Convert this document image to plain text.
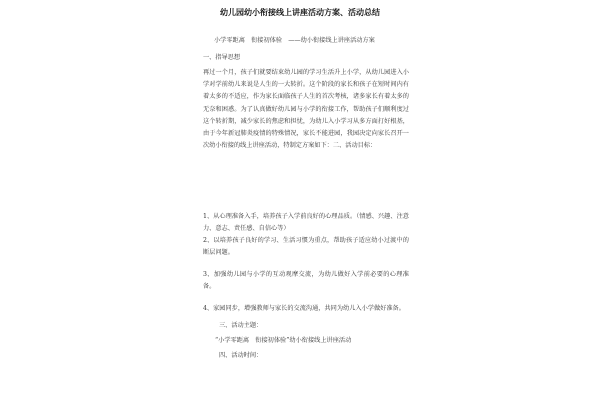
幼儿园幼小衔接线上讲座活动方案、活动总结
小学零距离　衔接初体验　——幼小衔接线上讲座活动方案
一、指导思想
再过一个月，孩子们就要结束幼儿园的学习生活升上小学，从幼儿园进入小学对学前幼儿来说是人生的一大转折。这个阶段的家长和孩子在短时间内有着太多的不适应，作为家长面临孩子人生的首次考核，诸多家长有着太多的无奈和困惑。为了认真做好幼儿园与小学的衔接工作，帮助孩子们顺利度过这个转折期，减少家长的焦虑和担忧，为幼儿入小学习从多方面打好根基，由于今年新冠肺炎疫情的特殊情况，家长不能进园，我园决定向家长召开一次幼小衔接的线上讲座活动，特制定方案如下：二、活动目标：
1、从心理准备入手，培养孩子入学前良好的心理品质。（情感、兴趣、注意力、意志、责任感、自信心等）
2、以培养孩子良好的学习、生活习惯为重点，帮助孩子适应幼小过渡中的断层问题。
3、加强幼儿园与小学的互动观摩交流，为幼儿做好入学前必要的心理准备。
4、家园同步，增强教师与家长的交流沟通，共同为幼儿入小学做好准备。
三、活动主题：
“小学零距离　衔接初体验”幼小衔接线上讲座活动
四、活动时间：
